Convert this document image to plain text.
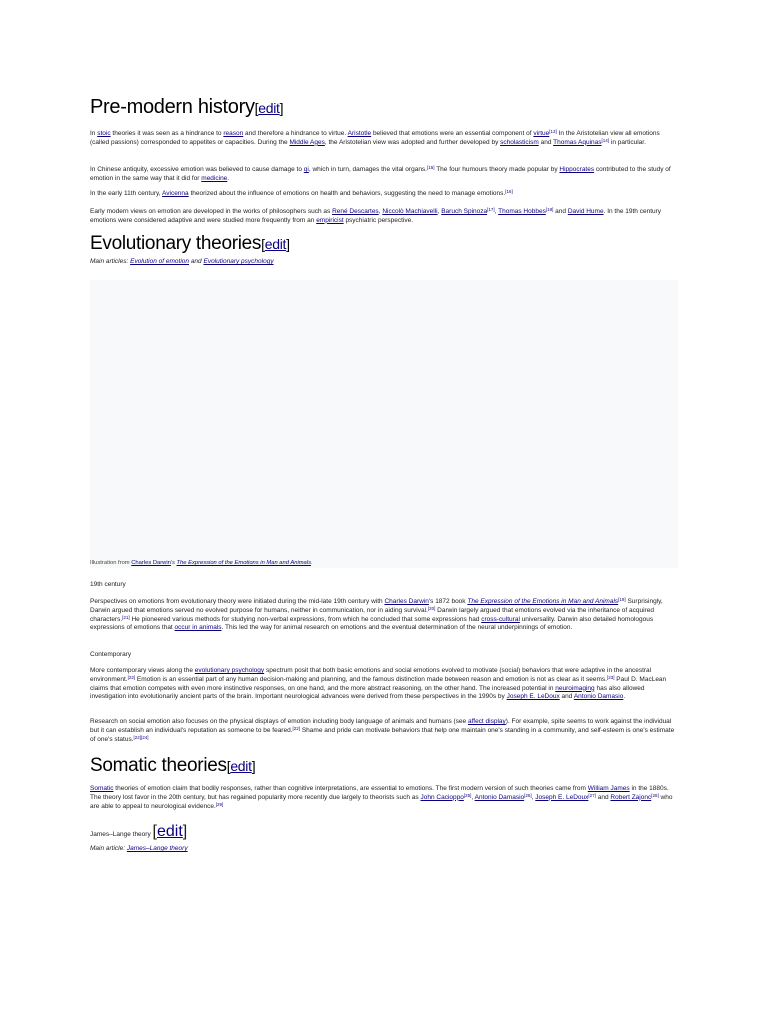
Pre-modern history[edit]

In stoic theories it was seen as a hindrance to reason and therefore a hindrance to virtue. Aristotle believed that emotions were an essential component of virtue[13] In the Aristotelian view all emotions (called passions) corresponded to appetites or capacities. During the Middle Ages, the Aristotelian view was adopted and further developed by scholasticism and Thomas Aquinas[14] in particular.

In Chinese antiquity, excessive emotion was believed to cause damage to qi, which in turn, damages the vital organs.[15] The four humours theory made popular by Hippocrates contributed to the study of emotion in the same way that it did for medicine.

In the early 11th century, Avicenna theorized about the influence of emotions on health and behaviors, suggesting the need to manage emotions.[16]

Early modern views on emotion are developed in the works of philosophers such as René Descartes, Niccolò Machiavelli, Baruch Spinoza[17], Thomas Hobbes[18] and David Hume. In the 19th century emotions were considered adaptive and were studied more frequently from an empiricist psychiatric perspective.

Evolutionary theories[edit]
Main articles: Evolution of emotion and Evolutionary psychology
Illustration from Charles Darwin's The Expression of the Emotions in Man and Animals.
19th century

Perspectives on emotions from evolutionary theory were initiated during the mid-late 19th century with Charles Darwin's 1872 book The Expression of the Emotions in Man and Animals[19] Surprisingly, Darwin argued that emotions served no evolved purpose for humans, neither in communication, nor in aiding survival.[20] Darwin largely argued that emotions evolved via the inheritance of acquired characters.[21] He pioneered various methods for studying non-verbal expressions, from which he concluded that some expressions had cross-cultural universality. Darwin also detailed homologous expressions of emotions that occur in animals. This led the way for animal research on emotions and the eventual determination of the neural underpinnings of emotion.

Contemporary

More contemporary views along the evolutionary psychology spectrum posit that both basic emotions and social emotions evolved to motivate (social) behaviors that were adaptive in the ancestral environment.[22] Emotion is an essential part of any human decision-making and planning, and the famous distinction made between reason and emotion is not as clear as it seems.[23] Paul D. MacLean claims that emotion competes with even more instinctive responses, on one hand, and the more abstract reasoning, on the other hand. The increased potential in neuroimaging has also allowed investigation into evolutionarily ancient parts of the brain. Important neurological advances were derived from these perspectives in the 1990s by Joseph E. LeDoux and Antonio Damasio.

Research on social emotion also focuses on the physical displays of emotion including body language of animals and humans (see affect display). For example, spite seems to work against the individual but it can establish an individual's reputation as someone to be feared.[22] Shame and pride can motivate behaviors that help one maintain one's standing in a community, and self-esteem is one's estimate of one's status.[22][24]

Somatic theories[edit]

Somatic theories of emotion claim that bodily responses, rather than cognitive interpretations, are essential to emotions. The first modern version of such theories came from William James in the 1880s. The theory lost favor in the 20th century, but has regained popularity more recently due largely to theorists such as John Cacioppo[25], Antonio Damasio[26], Joseph E. LeDoux[27] and Robert Zajonc[28] who are able to appeal to neurological evidence.[29]

James–Lange theory [edit]
Main article: James–Lange theory
